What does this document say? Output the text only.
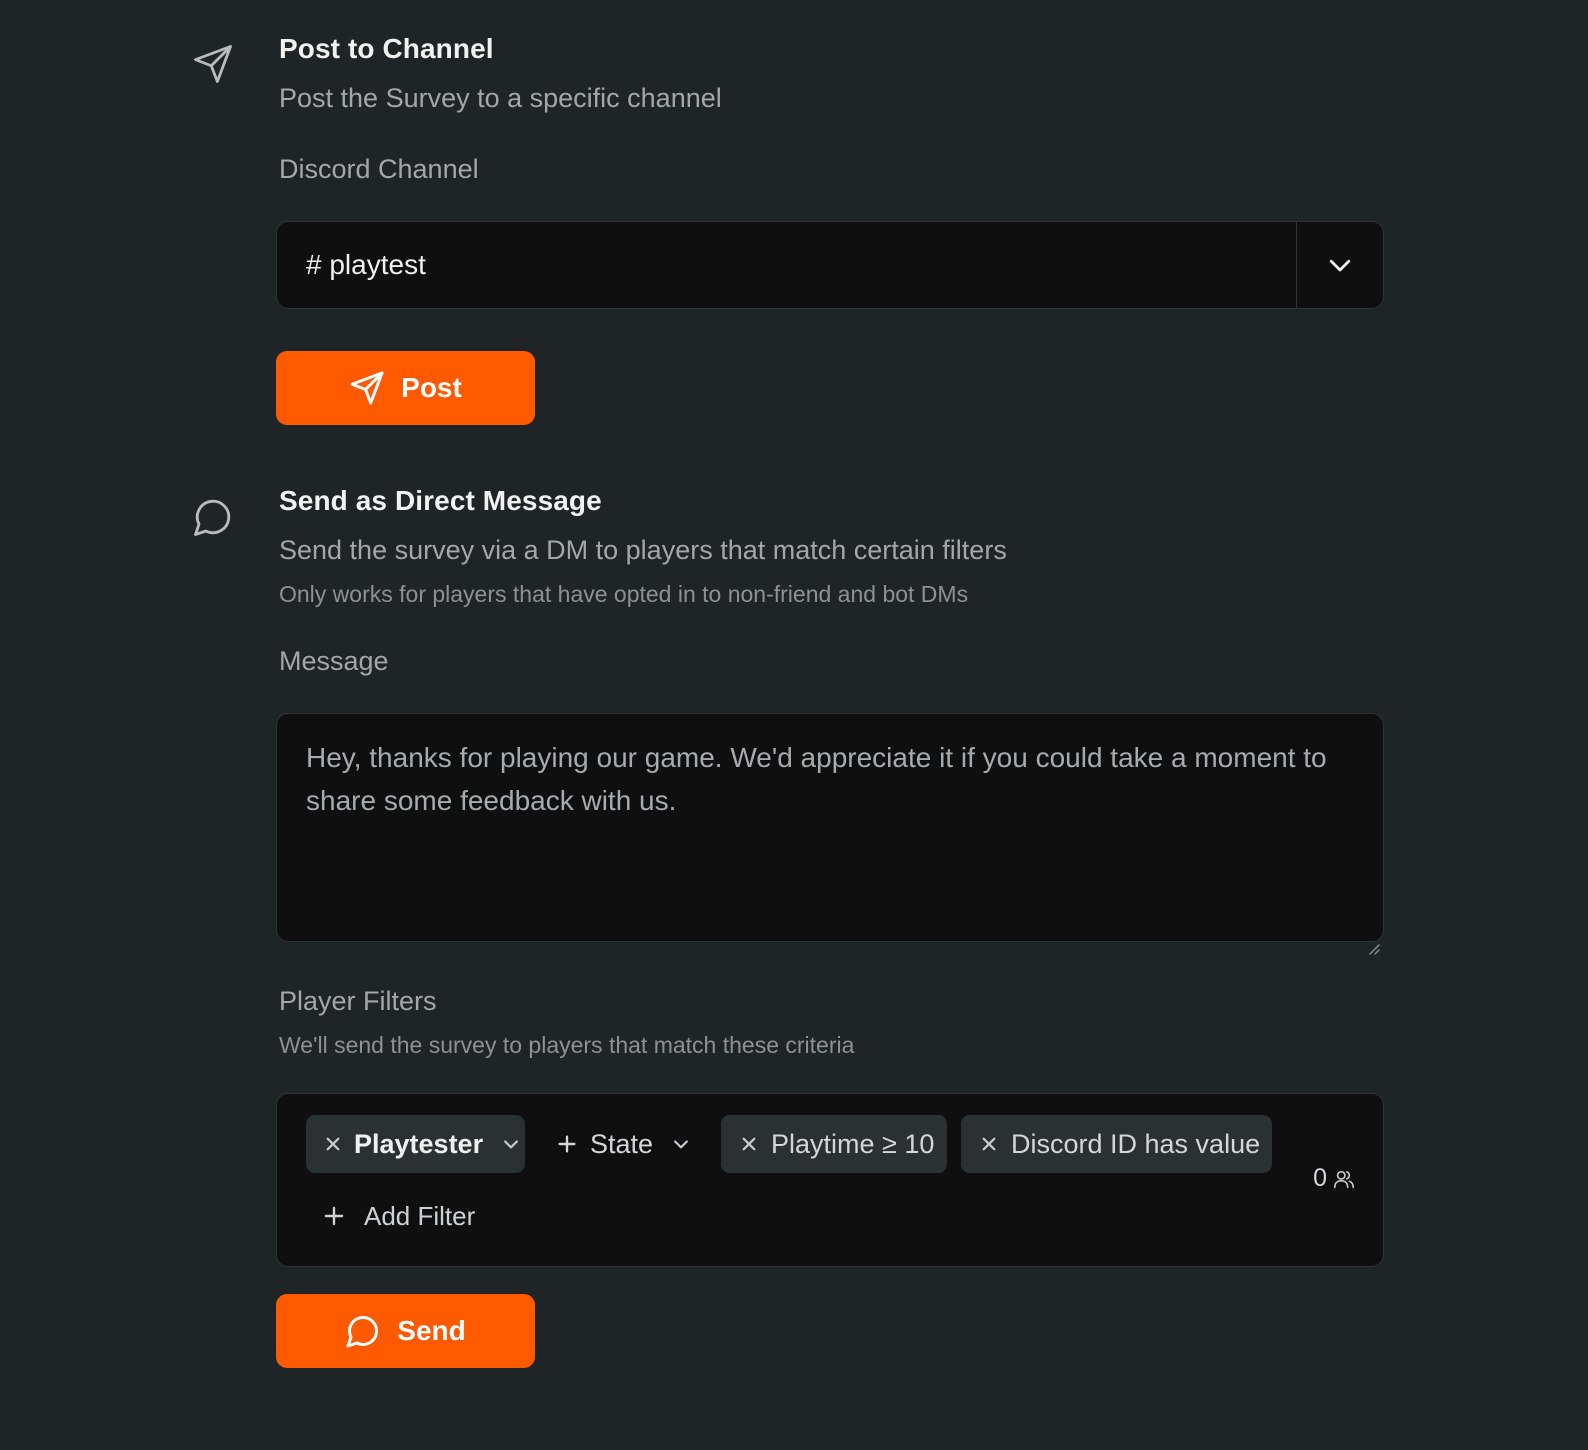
Post to Channel
Post the Survey to a specific channel
Discord Channel
# playtest
Post
Send as Direct Message
Send the survey via a DM to players that match certain filters
Only works for players that have opted in to non-friend and bot DMs
Message
Hey, thanks for playing our game. We'd appreciate it if you could take a moment to share some feedback with us.
Player Filters
We'll send the survey to players that match these criteria
Playtester	State	Playtime ≥ 10	Discord ID has value
Add Filter
0
Send
